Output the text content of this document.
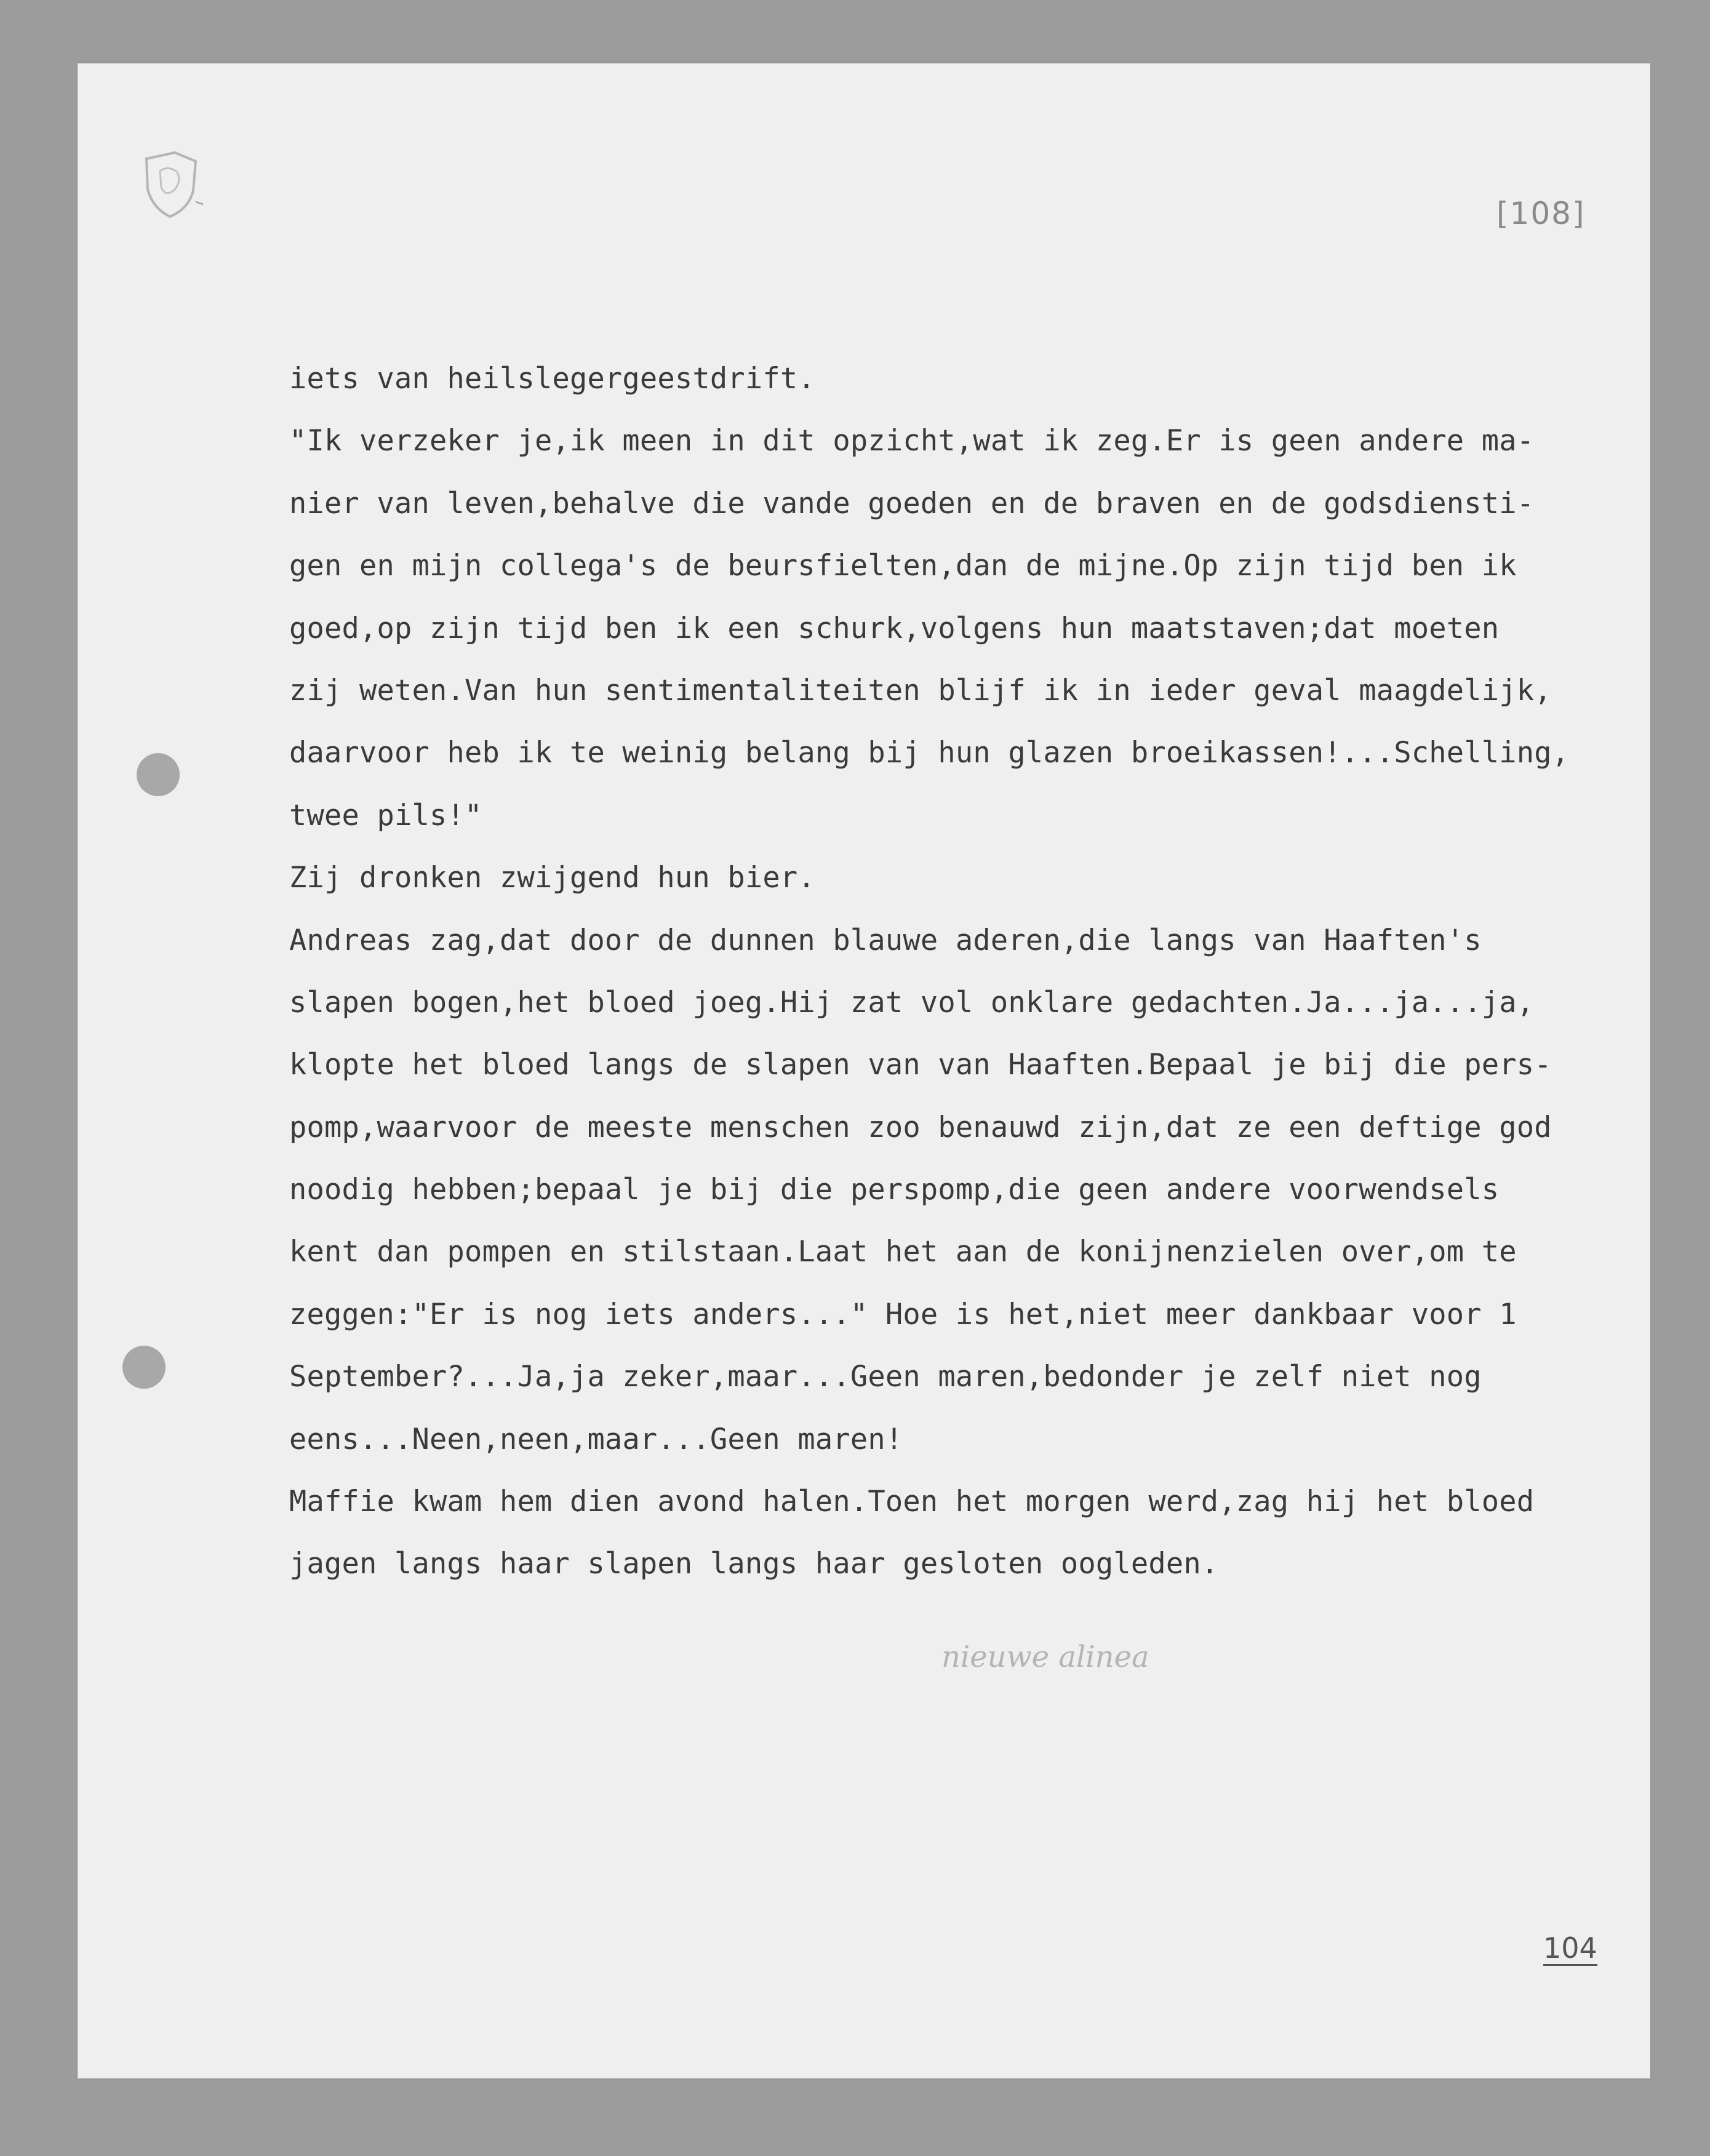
[108]
iets van heilslegergeestdrift.
"Ik verzeker je,ik meen in dit opzicht,wat ik zeg.Er is geen andere ma-
nier van leven,behalve die vande goeden en de braven en de godsdiensti-
gen en mijn collega's de beursfielten,dan de mijne.Op zijn tijd ben ik
goed,op zijn tijd ben ik een schurk,volgens hun maatstaven;dat moeten
zij weten.Van hun sentimentaliteiten blijf ik in ieder geval maagdelijk,
daarvoor heb ik te weinig belang bij hun glazen broeikassen!...Schelling,
twee pils!"
Zij dronken zwijgend hun bier.
Andreas zag,dat door de dunnen blauwe aderen,die langs van Haaften's
slapen bogen,het bloed joeg.Hij zat vol onklare gedachten.Ja...ja...ja,
klopte het bloed langs de slapen van van Haaften.Bepaal je bij die pers-
pomp,waarvoor de meeste menschen zoo benauwd zijn,dat ze een deftige god
noodig hebben;bepaal je bij die perspomp,die geen andere voorwendsels
kent dan pompen en stilstaan.Laat het aan de konijnenzielen over,om te
zeggen:"Er is nog iets anders..." Hoe is het,niet meer dankbaar voor 1
September?...Ja,ja zeker,maar...Geen maren,bedonder je zelf niet nog
eens...Neen,neen,maar...Geen maren!
Maffie kwam hem dien avond halen.Toen het morgen werd,zag hij het bloed
jagen langs haar slapen langs haar gesloten oogleden.
nieuwe alinea
104
